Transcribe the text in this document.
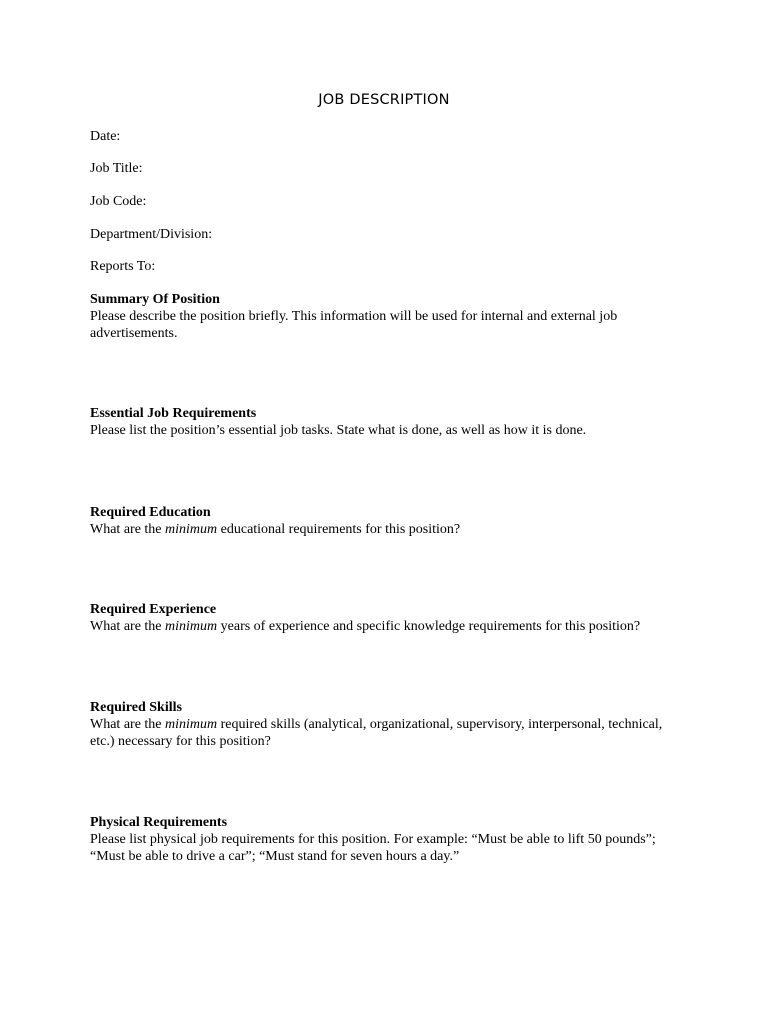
JOB DESCRIPTION
Date:
Job Title:
Job Code:
Department/Division:
Reports To:
Summary Of Position
Please describe the position briefly. This information will be used for internal and external job advertisements.
Essential Job Requirements
Please list the position’s essential job tasks. State what is done, as well as how it is done.
Required Education
What are the minimum educational requirements for this position?
Required Experience
What are the minimum years of experience and specific knowledge requirements for this position?
Required Skills
What are the minimum required skills (analytical, organizational, supervisory, interpersonal, technical, etc.) necessary for this position?
Physical Requirements
Please list physical job requirements for this position. For example: “Must be able to lift 50 pounds”; “Must be able to drive a car”; “Must stand for seven hours a day.”
